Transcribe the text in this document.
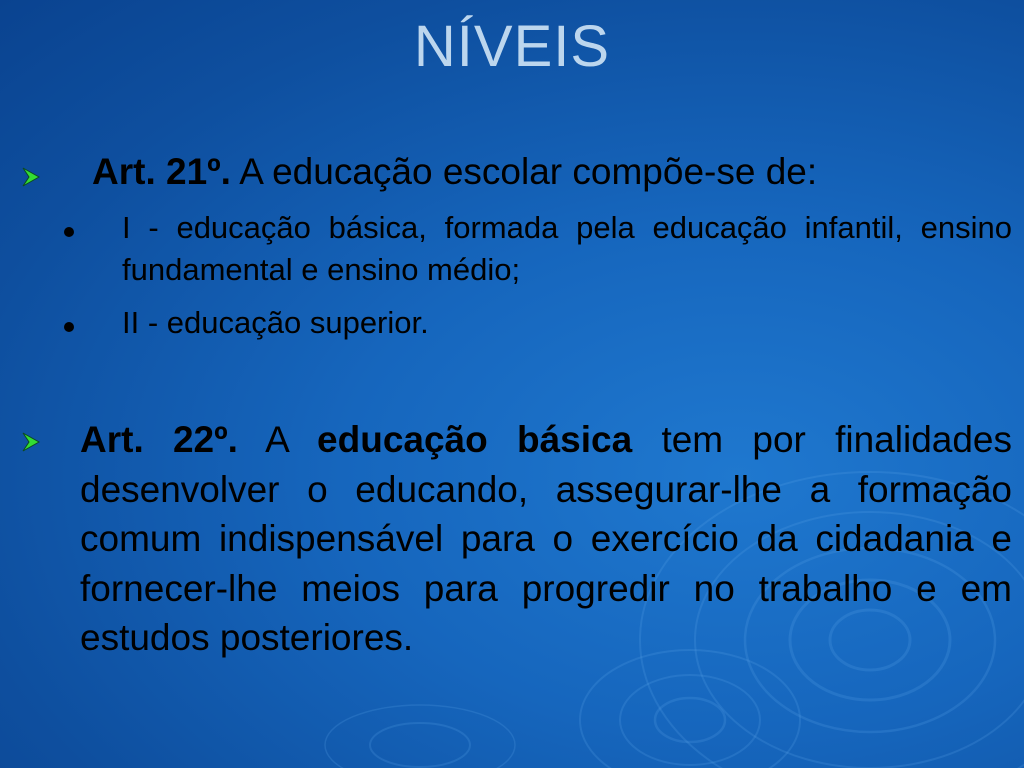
NÍVEIS
Art. 21º. A educação escolar compõe-se de:
I - educação básica, formada pela educação infantil, ensino fundamental e ensino médio;
II - educação superior.
Art. 22º. A educação básica tem por finalidades desenvolver o educando, assegurar-lhe a formação comum indispensável para o exercício da cidadania e fornecer-lhe meios para progredir no trabalho e em estudos posteriores.
